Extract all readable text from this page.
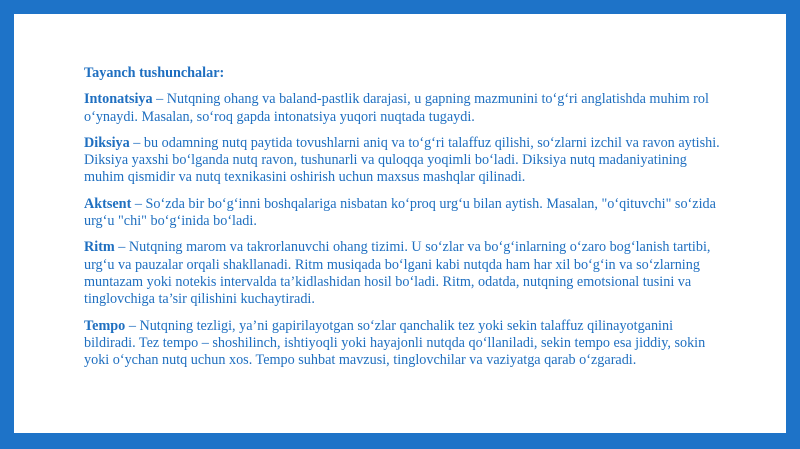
Tayanch tushunchalar:

Intonatsiya – Nutqning ohang va baland-pastlik darajasi, u gapning mazmunini to‘g‘ri anglatishda muhim rol o‘ynaydi. Masalan, so‘roq gapda intonatsiya yuqori nuqtada tugaydi.

Diksiya – bu odamning nutq paytida tovushlarni aniq va to‘g‘ri talaffuz qilishi, so‘zlarni izchil va ravon aytishi. Diksiya yaxshi bo‘lganda nutq ravon, tushunarli va quloqqa yoqimli bo‘ladi. Diksiya nutq madaniyatining muhim qismidir va nutq texnikasini oshirish uchun maxsus mashqlar qilinadi.

Aktsent – So‘zda bir bo‘g‘inni boshqalariga nisbatan ko‘proq urg‘u bilan aytish. Masalan, "o‘qituvchi" so‘zida urg‘u "chi" bo‘g‘inida bo‘ladi.

Ritm – Nutqning marom va takrorlanuvchi ohang tizimi. U so‘zlar va bo‘g‘inlarning o‘zaro bog‘lanish tartibi, urg‘u va pauzalar orqali shakllanadi. Ritm musiqada bo‘lgani kabi nutqda ham har xil bo‘g‘in va so‘zlarning muntazam yoki notekis intervalda ta’kidlashidan hosil bo‘ladi. Ritm, odatda, nutqning emotsional tusini va tinglovchiga ta’sir qilishini kuchaytiradi.

Tempo – Nutqning tezligi, ya’ni gapirilayotgan so‘zlar qanchalik tez yoki sekin talaffuz qilinayotganini bildiradi. Tez tempo – shoshilinch, ishtiyoqli yoki hayajonli nutqda qo‘llaniladi, sekin tempo esa jiddiy, sokin yoki o‘ychan nutq uchun xos. Tempo suhbat mavzusi, tinglovchilar va vaziyatga qarab o‘zgaradi.
